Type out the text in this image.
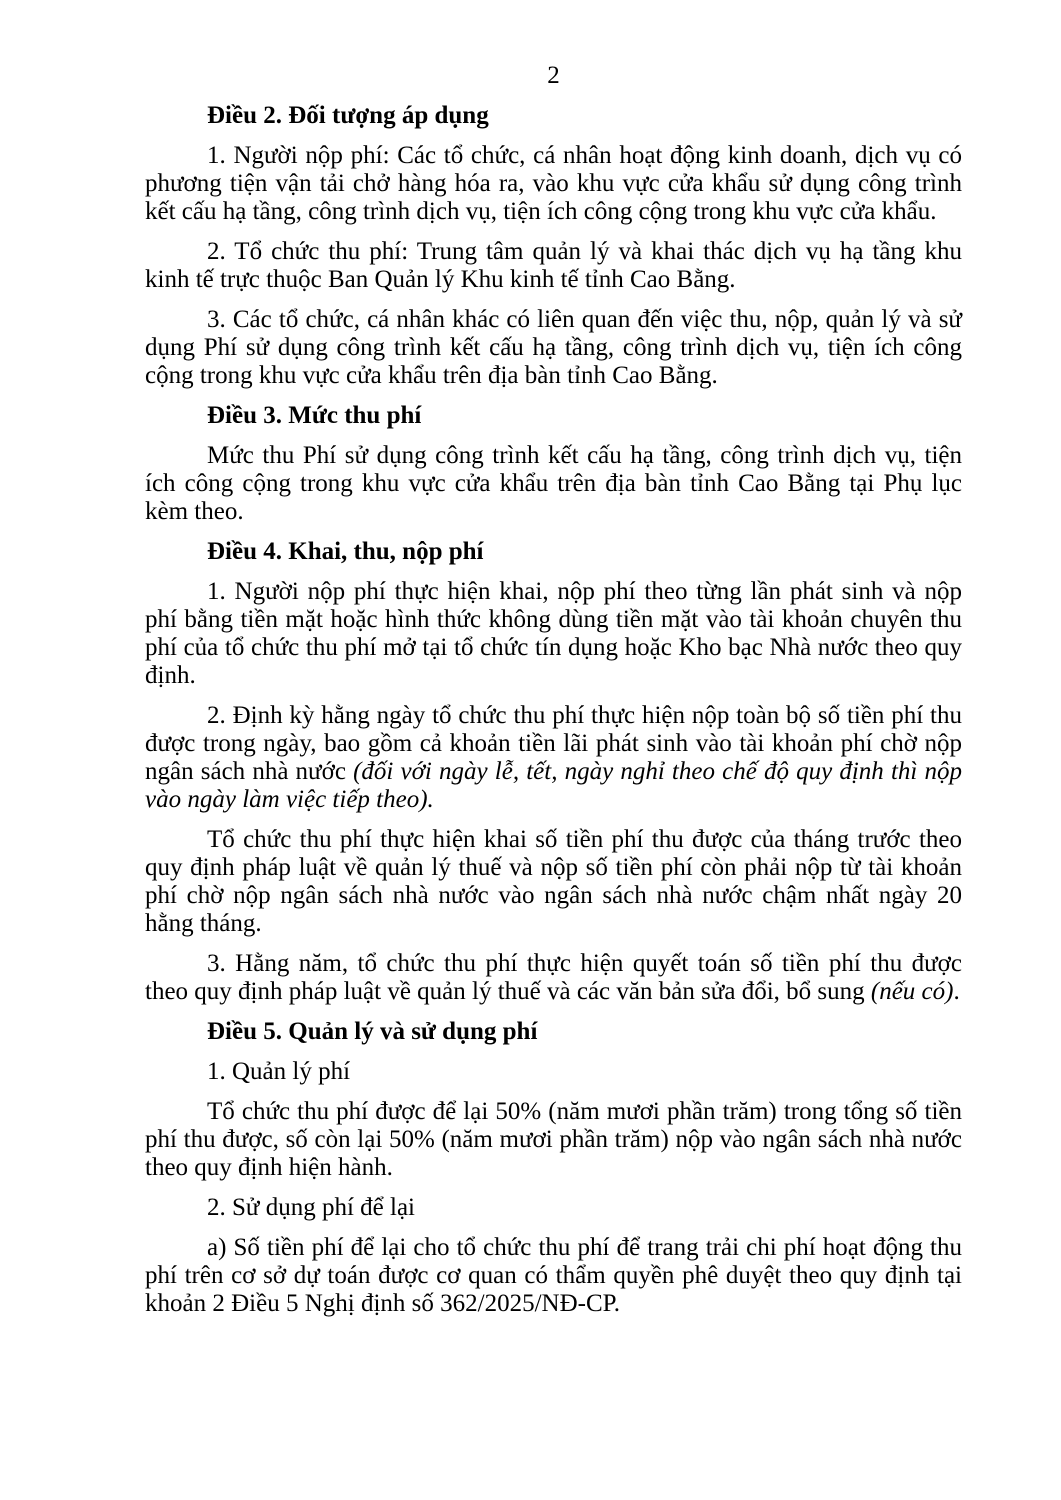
2

Điều 2. Đối tượng áp dụng

1. Người nộp phí: Các tổ chức, cá nhân hoạt động kinh doanh, dịch vụ có phương tiện vận tải chở hàng hóa ra, vào khu vực cửa khẩu sử dụng công trình kết cấu hạ tầng, công trình dịch vụ, tiện ích công cộng trong khu vực cửa khẩu.

2. Tổ chức thu phí: Trung tâm quản lý và khai thác dịch vụ hạ tầng khu kinh tế trực thuộc Ban Quản lý Khu kinh tế tỉnh Cao Bằng.

3. Các tổ chức, cá nhân khác có liên quan đến việc thu, nộp, quản lý và sử dụng Phí sử dụng công trình kết cấu hạ tầng, công trình dịch vụ, tiện ích công cộng trong khu vực cửa khẩu trên địa bàn tỉnh Cao Bằng.

Điều 3. Mức thu phí

Mức thu Phí sử dụng công trình kết cấu hạ tầng, công trình dịch vụ, tiện ích công cộng trong khu vực cửa khẩu trên địa bàn tỉnh Cao Bằng tại Phụ lục kèm theo.

Điều 4. Khai, thu, nộp phí

1. Người nộp phí thực hiện khai, nộp phí theo từng lần phát sinh và nộp phí bằng tiền mặt hoặc hình thức không dùng tiền mặt vào tài khoản chuyên thu phí của tổ chức thu phí mở tại tổ chức tín dụng hoặc Kho bạc Nhà nước theo quy định.

2. Định kỳ hằng ngày tổ chức thu phí thực hiện nộp toàn bộ số tiền phí thu được trong ngày, bao gồm cả khoản tiền lãi phát sinh vào tài khoản phí chờ nộp ngân sách nhà nước (đối với ngày lễ, tết, ngày nghỉ theo chế độ quy định thì nộp vào ngày làm việc tiếp theo).

Tổ chức thu phí thực hiện khai số tiền phí thu được của tháng trước theo quy định pháp luật về quản lý thuế và nộp số tiền phí còn phải nộp từ tài khoản phí chờ nộp ngân sách nhà nước vào ngân sách nhà nước chậm nhất ngày 20 hằng tháng.

3. Hằng năm, tổ chức thu phí thực hiện quyết toán số tiền phí thu được theo quy định pháp luật về quản lý thuế và các văn bản sửa đổi, bổ sung (nếu có).

Điều 5. Quản lý và sử dụng phí

1. Quản lý phí

Tổ chức thu phí được để lại 50% (năm mươi phần trăm) trong tổng số tiền phí thu được, số còn lại 50% (năm mươi phần trăm) nộp vào ngân sách nhà nước theo quy định hiện hành.

2. Sử dụng phí để lại

a) Số tiền phí để lại cho tổ chức thu phí để trang trải chi phí hoạt động thu phí trên cơ sở dự toán được cơ quan có thẩm quyền phê duyệt theo quy định tại khoản 2 Điều 5 Nghị định số 362/2025/NĐ-CP.
